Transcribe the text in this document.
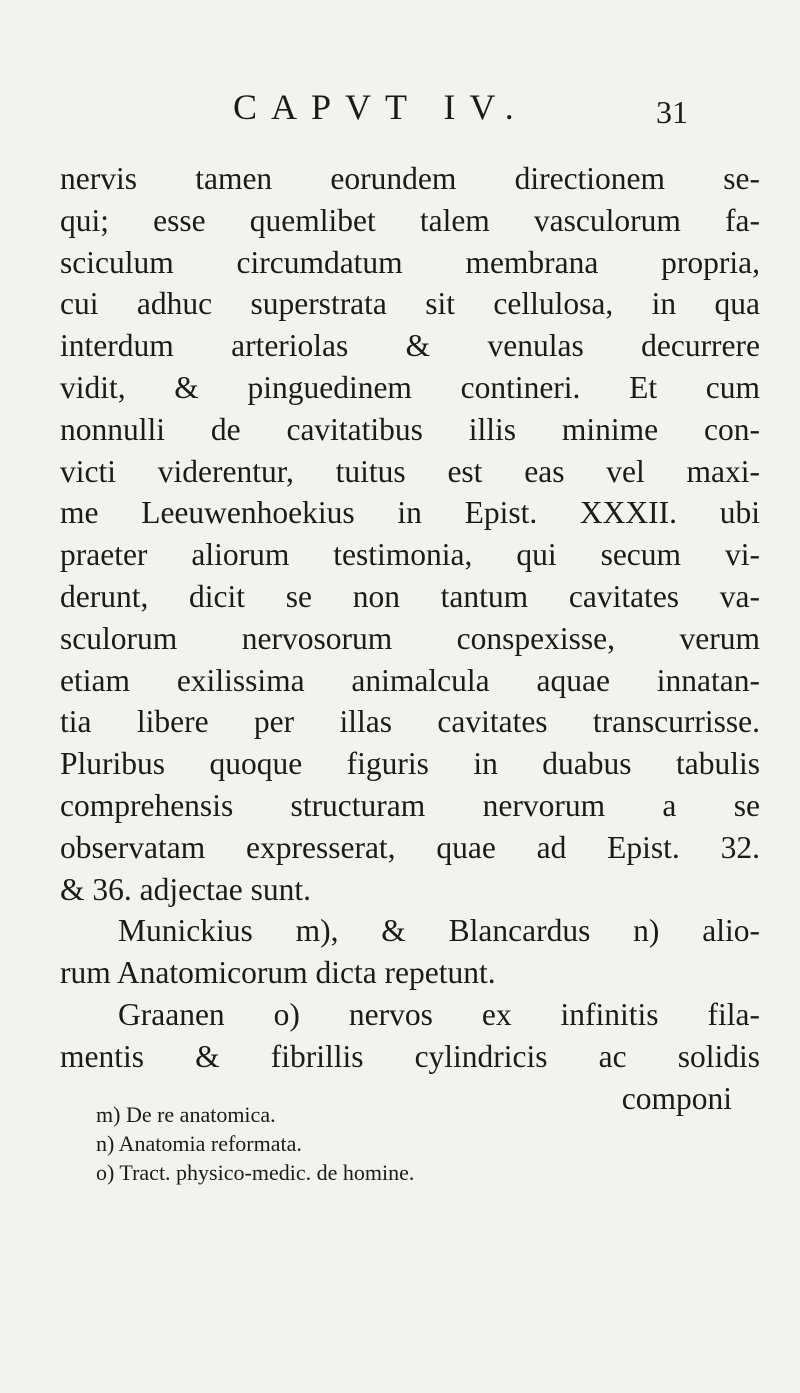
CAPVT IV.	31
nervis tamen eorundem directionem se-
qui; esse quemlibet talem vasculorum fa-
sciculum circumdatum membrana propria,
cui adhuc superstrata sit cellulosa, in qua
interdum arteriolas & venulas decurrere
vidit, & pinguedinem contineri. Et cum
nonnulli de cavitatibus illis minime con-
victi viderentur, tuitus est eas vel maxi-
me Leeuwenhoekius in Epist. XXXII. ubi
praeter aliorum testimonia, qui secum vi-
derunt, dicit se non tantum cavitates va-
sculorum nervosorum conspexisse, verum
etiam exilissima animalcula aquae innatan-
tia libere per illas cavitates transcurrisse.
Pluribus quoque figuris in duabus tabulis
comprehensis structuram nervorum a se
observatam expresserat, quae ad Epist. 32.
& 36. adjectae sunt.
Munickius m), & Blancardus n) alio-
rum Anatomicorum dicta repetunt.
Graanen o) nervos ex infinitis fila-
mentis & fibrillis cylindricis ac solidis
componi
m) De re anatomica.
n) Anatomia reformata.
o) Tract. physico-medic. de homine.
